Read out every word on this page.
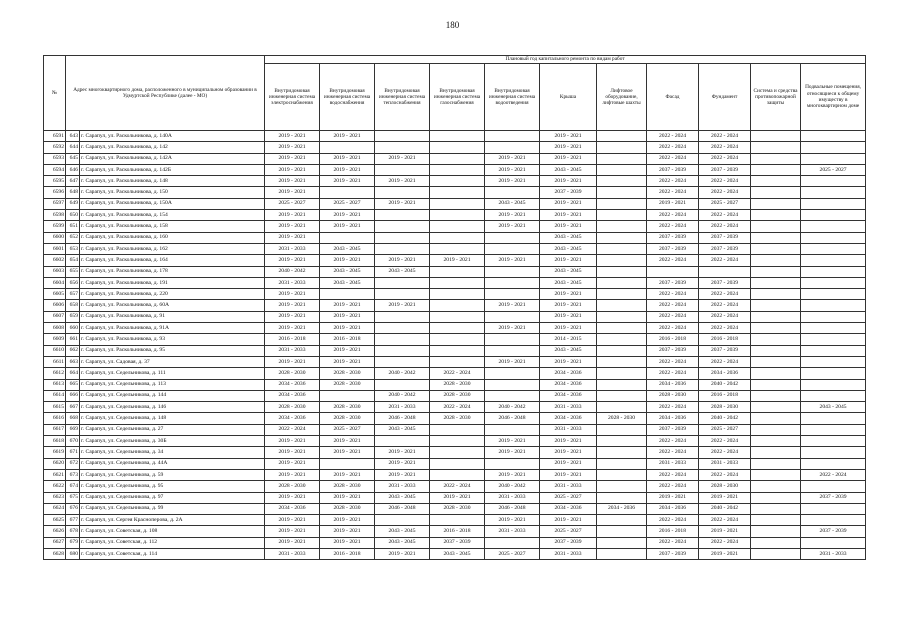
180
№	Адрес многоквартирного дома, расположенного в муниципальном образовании в Удмуртской Республике (далее - МО)		Плановый год капитального ремонта по видам работ										
			Внутридомовая инженерная система электроснабжения	Внутридомовая инженерная система водоснабжения	Внутридомовая инженерная система теплоснабжения	Внутридомовая инженерная система газоснабжения	Внутридомовая инженерная система водоотведения	Крыша	Лифтовое оборудование, лифтовые шахты	Фасад	Фундамент	Система и средства противопожарной защиты	Подвальные помещения, относящиеся к общему имуществу в многоквартирном доме
6591	643	г. Сарапул, ул. Раскольникова, д. 140А	2019 - 2021	2019 - 2021				2019 - 2021		2022 - 2024	2022 - 2024		
6592	644	г. Сарапул, ул. Раскольникова, д. 142	2019 - 2021					2019 - 2021		2022 - 2024	2022 - 2024		
6593	645	г. Сарапул, ул. Раскольникова, д. 142А	2019 - 2021	2019 - 2021	2019 - 2021		2019 - 2021	2019 - 2021		2022 - 2024	2022 - 2024		
6594	646	г. Сарапул, ул. Раскольникова, д. 142Б	2019 - 2021	2019 - 2021			2019 - 2021	2043 - 2045		2037 - 2039	2037 - 2039		2025 - 2027
6595	647	г. Сарапул, ул. Раскольникова, д. 148	2019 - 2021	2019 - 2021	2019 - 2021		2019 - 2021	2019 - 2021		2022 - 2024	2022 - 2024		
6596	648	г. Сарапул, ул. Раскольникова, д. 150	2019 - 2021					2037 - 2039		2022 - 2024	2022 - 2024		
6597	649	г. Сарапул, ул. Раскольникова, д. 150А	2025 - 2027	2025 - 2027	2019 - 2021		2043 - 2045	2019 - 2021		2019 - 2021	2025 - 2027		
6598	650	г. Сарапул, ул. Раскольникова, д. 154	2019 - 2021	2019 - 2021			2019 - 2021	2019 - 2021		2022 - 2024	2022 - 2024		
6599	651	г. Сарапул, ул. Раскольникова, д. 158	2019 - 2021	2019 - 2021			2019 - 2021	2019 - 2021		2022 - 2024	2022 - 2024		
6600	652	г. Сарапул, ул. Раскольникова, д. 160	2019 - 2021					2043 - 2045		2037 - 2039	2037 - 2039		
6601	653	г. Сарапул, ул. Раскольникова, д. 162	2031 - 2033	2043 - 2045				2043 - 2045		2037 - 2039	2037 - 2039		
6602	654	г. Сарапул, ул. Раскольникова, д. 164	2019 - 2021	2019 - 2021	2019 - 2021	2019 - 2021	2019 - 2021	2019 - 2021		2022 - 2024	2022 - 2024		
6603	655	г. Сарапул, ул. Раскольникова, д. 178	2040 - 2042	2043 - 2045	2043 - 2045			2043 - 2045					
6604	656	г. Сарапул, ул. Раскольникова, д. 191	2031 - 2033	2043 - 2045				2043 - 2045		2037 - 2039	2037 - 2039		
6605	657	г. Сарапул, ул. Раскольникова, д. 220	2019 - 2021					2019 - 2021		2022 - 2024	2022 - 2024		
6606	658	г. Сарапул, ул. Раскольникова, д. 60А	2019 - 2021	2019 - 2021	2019 - 2021		2019 - 2021	2019 - 2021		2022 - 2024	2022 - 2024		
6607	659	г. Сарапул, ул. Раскольникова, д. 91	2019 - 2021	2019 - 2021				2019 - 2021		2022 - 2024	2022 - 2024		
6608	660	г. Сарапул, ул. Раскольникова, д. 91А	2019 - 2021	2019 - 2021			2019 - 2021	2019 - 2021		2022 - 2024	2022 - 2024		
6609	661	г. Сарапул, ул. Раскольникова, д. 93	2016 - 2018	2016 - 2018				2014 - 2015		2016 - 2018	2016 - 2018		
6610	662	г. Сарапул, ул. Раскольникова, д. 95	2031 - 2033	2019 - 2021				2043 - 2045		2037 - 2039	2037 - 2039		
6611	663	г. Сарапул, ул. Садовая, д. 37	2019 - 2021	2019 - 2021			2019 - 2021	2019 - 2021		2022 - 2024	2022 - 2024		
6612	664	г. Сарапул, ул. Седельникова, д. 111	2028 - 2030	2028 - 2030	2040 - 2042	2022 - 2024		2034 - 2036		2022 - 2024	2034 - 2036		
6613	665	г. Сарапул, ул. Седельникова, д. 113	2034 - 2036	2028 - 2030		2028 - 2030		2034 - 2036		2034 - 2036	2040 - 2042		
6614	666	г. Сарапул, ул. Седельникова, д. 144	2034 - 2036		2040 - 2042	2028 - 2030		2034 - 2036		2028 - 2030	2016 - 2018		
6615	667	г. Сарапул, ул. Седельникова, д. 146	2028 - 2030	2028 - 2030	2031 - 2033	2022 - 2024	2040 - 2042	2031 - 2033		2022 - 2024	2028 - 2030		2043 - 2045
6616	668	г. Сарапул, ул. Седельникова, д. 148	2034 - 2036	2028 - 2030	2046 - 2048	2028 - 2030	2046 - 2048	2034 - 2036	2028 - 2030	2034 - 2036	2040 - 2042		
6617	669	г. Сарапул, ул. Седельникова, д. 27	2022 - 2024	2025 - 2027	2043 - 2045			2031 - 2033		2037 - 2039	2025 - 2027		
6618	670	г. Сарапул, ул. Седельникова, д. 30Б	2019 - 2021	2019 - 2021			2019 - 2021	2019 - 2021		2022 - 2024	2022 - 2024		
6619	671	г. Сарапул, ул. Седельникова, д. 34	2019 - 2021	2019 - 2021	2019 - 2021		2019 - 2021	2019 - 2021		2022 - 2024	2022 - 2024		
6620	672	г. Сарапул, ул. Седельникова, д. 44А	2019 - 2021		2019 - 2021			2019 - 2021		2031 - 2033	2031 - 2033		
6621	673	г. Сарапул, ул. Седельникова, д. 59	2019 - 2021	2019 - 2021	2019 - 2021		2019 - 2021	2019 - 2021		2022 - 2024	2022 - 2024		2022 - 2024
6622	674	г. Сарапул, ул. Седельникова, д. 95	2028 - 2030	2028 - 2030	2031 - 2033	2022 - 2024	2040 - 2042	2031 - 2033		2022 - 2024	2028 - 2030		
6623	675	г. Сарапул, ул. Седельникова, д. 97	2019 - 2021	2019 - 2021	2043 - 2045	2019 - 2021	2031 - 2033	2025 - 2027		2019 - 2021	2019 - 2021		2037 - 2039
6624	676	г. Сарапул, ул. Седельникова, д. 99	2034 - 2036	2028 - 2030	2046 - 2048	2028 - 2030	2046 - 2048	2034 - 2036	2034 - 2036	2034 - 2036	2040 - 2042		
6625	677	г. Сарапул, ул. Сергея Красноперова, д. 2А	2019 - 2021	2019 - 2021			2019 - 2021	2019 - 2021		2022 - 2024	2022 - 2024		
6626	678	г. Сарапул, ул. Советская, д. 108	2019 - 2021	2019 - 2021	2043 - 2045	2016 - 2018	2031 - 2033	2025 - 2027		2016 - 2018	2019 - 2021		2037 - 2039
6627	679	г. Сарапул, ул. Советская, д. 112	2019 - 2021	2019 - 2021	2043 - 2045	2037 - 2039		2037 - 2039		2022 - 2024	2022 - 2024		
6628	680	г. Сарапул, ул. Советская, д. 114	2031 - 2033	2016 - 2018	2019 - 2021	2043 - 2045	2025 - 2027	2031 - 2033		2037 - 2039	2019 - 2021		2031 - 2033
